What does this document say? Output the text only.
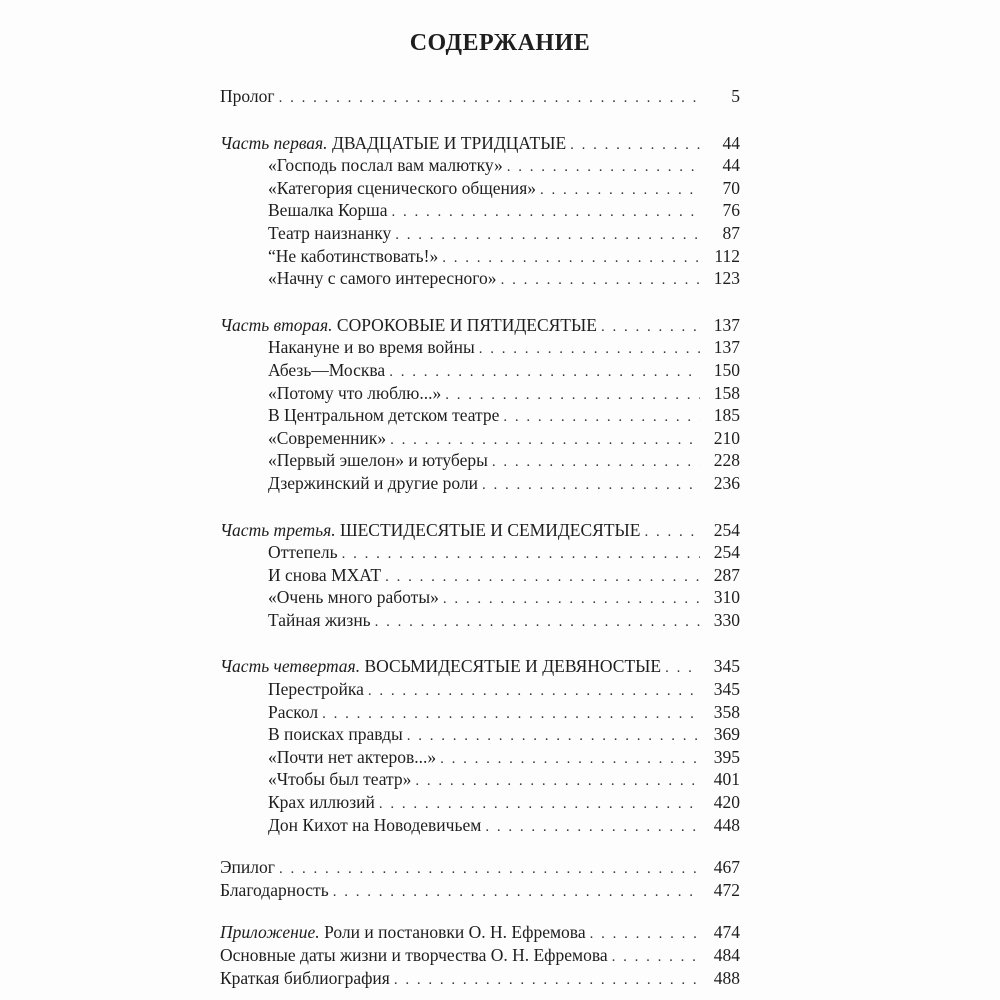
СОДЕРЖАНИЕ
Пролог . . .	5
Часть первая. ДВАДЦАТЫЕ И ТРИДЦАТЫЕ . . .	44
«Господь послал вам малютку» . . .	44
«Категория сценического общения» . . .	70
Вешалка Корша . . .	76
Театр наизнанку . . .	87
“Не каботинствовать!» . . .	112
«Начну с самого интересного» . . .	123
Часть вторая. СОРОКОВЫЕ И ПЯТИДЕСЯТЫЕ . . .	137
Накануне и во время войны . . .	137
Абезь—Москва . . .	150
«Потому что люблю...» . . .	158
В Центральном детском театре . . .	185
«Современник» . . .	210
«Первый эшелон» и ютуберы . . .	228
Дзержинский и другие роли . . .	236
Часть третья. ШЕСТИДЕСЯТЫЕ И СЕМИДЕСЯТЫЕ . . .	254
Оттепель . . .	254
И снова МХАТ . . .	287
«Очень много работы» . . .	310
Тайная жизнь . . .	330
Часть четвертая. ВОСЬМИДЕСЯТЫЕ И ДЕВЯНОСТЫЕ . . .	345
Перестройка . . .	345
Раскол . . .	358
В поисках правды . . .	369
«Почти нет актеров...» . . .	395
«Чтобы был театр» . . .	401
Крах иллюзий . . .	420
Дон Кихот на Новодевичьем . . .	448
Эпилог . . .	467
Благодарность . . .	472
Приложение. Роли и постановки О. Н. Ефремова . . .	474
Основные даты жизни и творчества О. Н. Ефремова . . .	484
Краткая библиография . . .	488
